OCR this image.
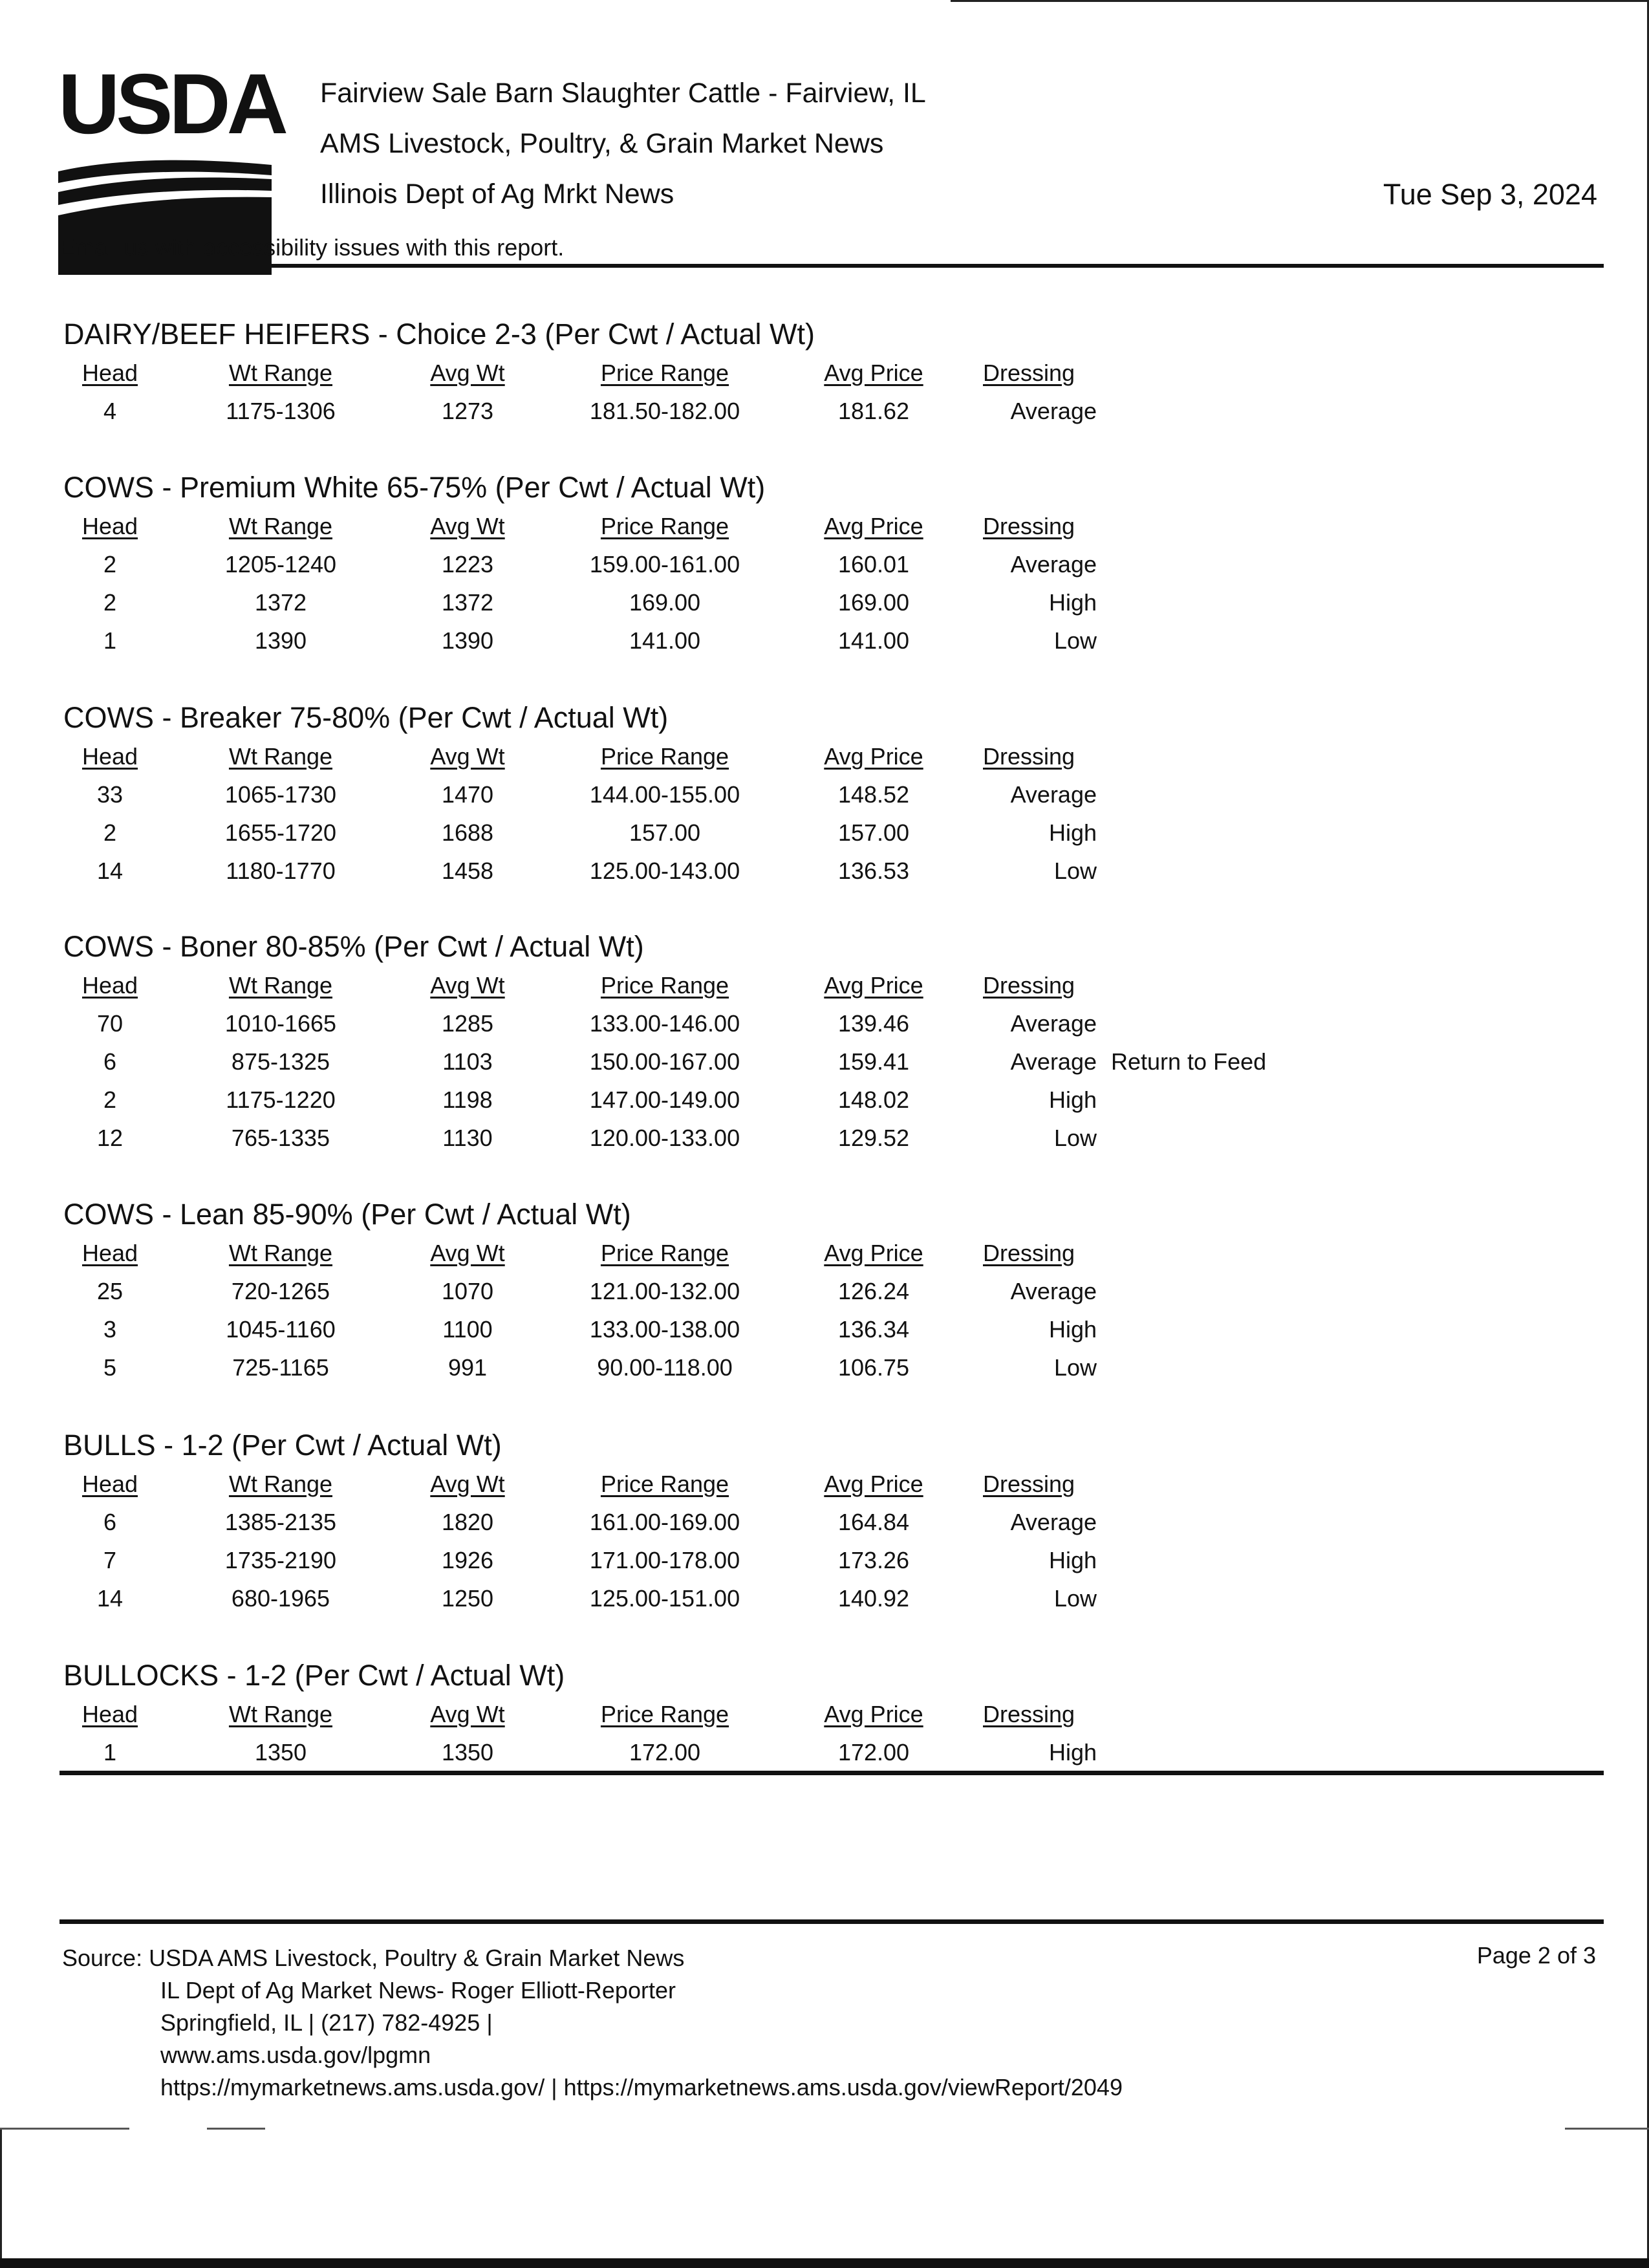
USDA Fairview Sale Barn Slaughter Cattle - Fairview, IL
AMS Livestock, Poultry, & Grain Market News
Illinois Dept of Ag Mrkt News	Tue Sep 3, 2024
Email us with accessibility issues with this report.
DAIRY/BEEF HEIFERS - Choice 2-3 (Per Cwt / Actual Wt)
Head	Wt Range	Avg Wt	Price Range	Avg Price	Dressing
4	1175-1306	1273	181.50-182.00	181.62	Average
COWS - Premium White 65-75% (Per Cwt / Actual Wt)
Head	Wt Range	Avg Wt	Price Range	Avg Price	Dressing
2	1205-1240	1223	159.00-161.00	160.01	Average
2	1372	1372	169.00	169.00	High
1	1390	1390	141.00	141.00	Low
COWS - Breaker 75-80% (Per Cwt / Actual Wt)
Head	Wt Range	Avg Wt	Price Range	Avg Price	Dressing
33	1065-1730	1470	144.00-155.00	148.52	Average
2	1655-1720	1688	157.00	157.00	High
14	1180-1770	1458	125.00-143.00	136.53	Low
COWS - Boner 80-85% (Per Cwt / Actual Wt)
Head	Wt Range	Avg Wt	Price Range	Avg Price	Dressing
70	1010-1665	1285	133.00-146.00	139.46	Average
6	875-1325	1103	150.00-167.00	159.41	Average Return to Feed
2	1175-1220	1198	147.00-149.00	148.02	High
12	765-1335	1130	120.00-133.00	129.52	Low
COWS - Lean 85-90% (Per Cwt / Actual Wt)
Head	Wt Range	Avg Wt	Price Range	Avg Price	Dressing
25	720-1265	1070	121.00-132.00	126.24	Average
3	1045-1160	1100	133.00-138.00	136.34	High
5	725-1165	991	90.00-118.00	106.75	Low
BULLS - 1-2 (Per Cwt / Actual Wt)
Head	Wt Range	Avg Wt	Price Range	Avg Price	Dressing
6	1385-2135	1820	161.00-169.00	164.84	Average
7	1735-2190	1926	171.00-178.00	173.26	High
14	680-1965	1250	125.00-151.00	140.92	Low
BULLOCKS - 1-2 (Per Cwt / Actual Wt)
Head	Wt Range	Avg Wt	Price Range	Avg Price	Dressing
1	1350	1350	172.00	172.00	High
Source: USDA AMS Livestock, Poultry & Grain Market News
IL Dept of Ag Market News- Roger Elliott-Reporter
Springfield, IL | (217) 782-4925 |
www.ams.usda.gov/lpgmn
https://mymarketnews.ams.usda.gov/ | https://mymarketnews.ams.usda.gov/viewReport/2049
Page 2 of 3
